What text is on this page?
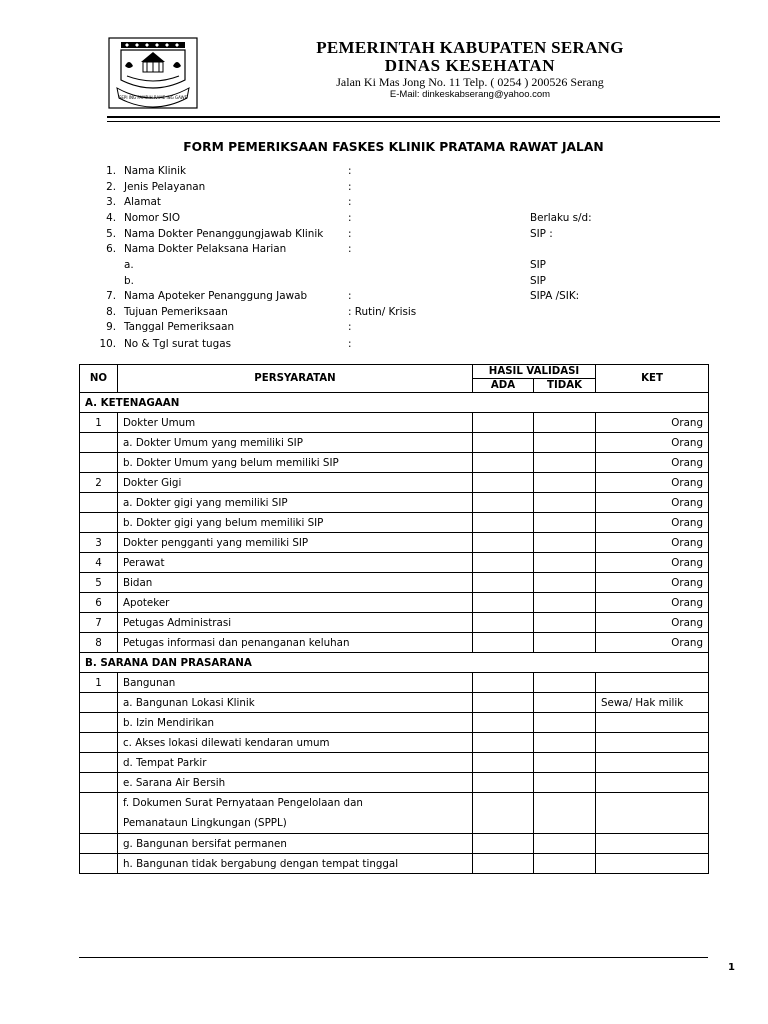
SEPI ING PAMRIH RAME ING GAWE
PEMERINTAH KABUPATEN SERANG
DINAS KESEHATAN
Jalan Ki Mas Jong No. 11 Telp. ( 0254 ) 200526 Serang
E-Mail: dinkeskabserang@yahoo.com
FORM PEMERIKSAAN FASKES KLINIK PRATAMA RAWAT JALAN
1. Nama Klinik	:
2. Jenis Pelayanan	:
3. Alamat	:
4. Nomor SIO	:	Berlaku s/d:
5. Nama Dokter Penanggungjawab Klinik :	SIP :
6. Nama Dokter Pelaksana Harian	:
a.	SIP
b.	SIP
7. Nama Apoteker Penanggung Jawab	:	SIPA /SIK:
8. Tujuan Pemeriksaan	: Rutin/ Krisis
9. Tanggal Pemeriksaan	:
10. No & Tgl surat tugas	:
NO	PERSYARATAN	HASIL VALIDASI		KET
		ADA	TIDAK	
A. KETENAGAAN				
1	Dokter Umum			Orang
	a. Dokter Umum yang memiliki SIP			Orang
	b. Dokter Umum yang belum memiliki SIP			Orang
2	Dokter Gigi			Orang
	a. Dokter gigi yang memiliki SIP			Orang
	b. Dokter gigi yang belum memiliki SIP			Orang
3	Dokter pengganti yang memiliki SIP			Orang
4	Perawat			Orang
5	Bidan			Orang
6	Apoteker			Orang
7	Petugas Administrasi			Orang
8	Petugas informasi dan penanganan keluhan			Orang
B. SARANA DAN PRASARANA				
1	Bangunan			
	a. Bangunan Lokasi Klinik			Sewa/ Hak milik
	b. Izin Mendirikan			
	c. Akses lokasi dilewati kendaran umum			
	d. Tempat Parkir			
	e. Sarana Air Bersih			

	f. Dokumen Surat Pernyataan Pengelolaan dan
Pemanataun Lingkungan (SPPL)			

	g. Bangunan bersifat permanen			
	h. Bangunan tidak bergabung dengan tempat tinggal			
1
